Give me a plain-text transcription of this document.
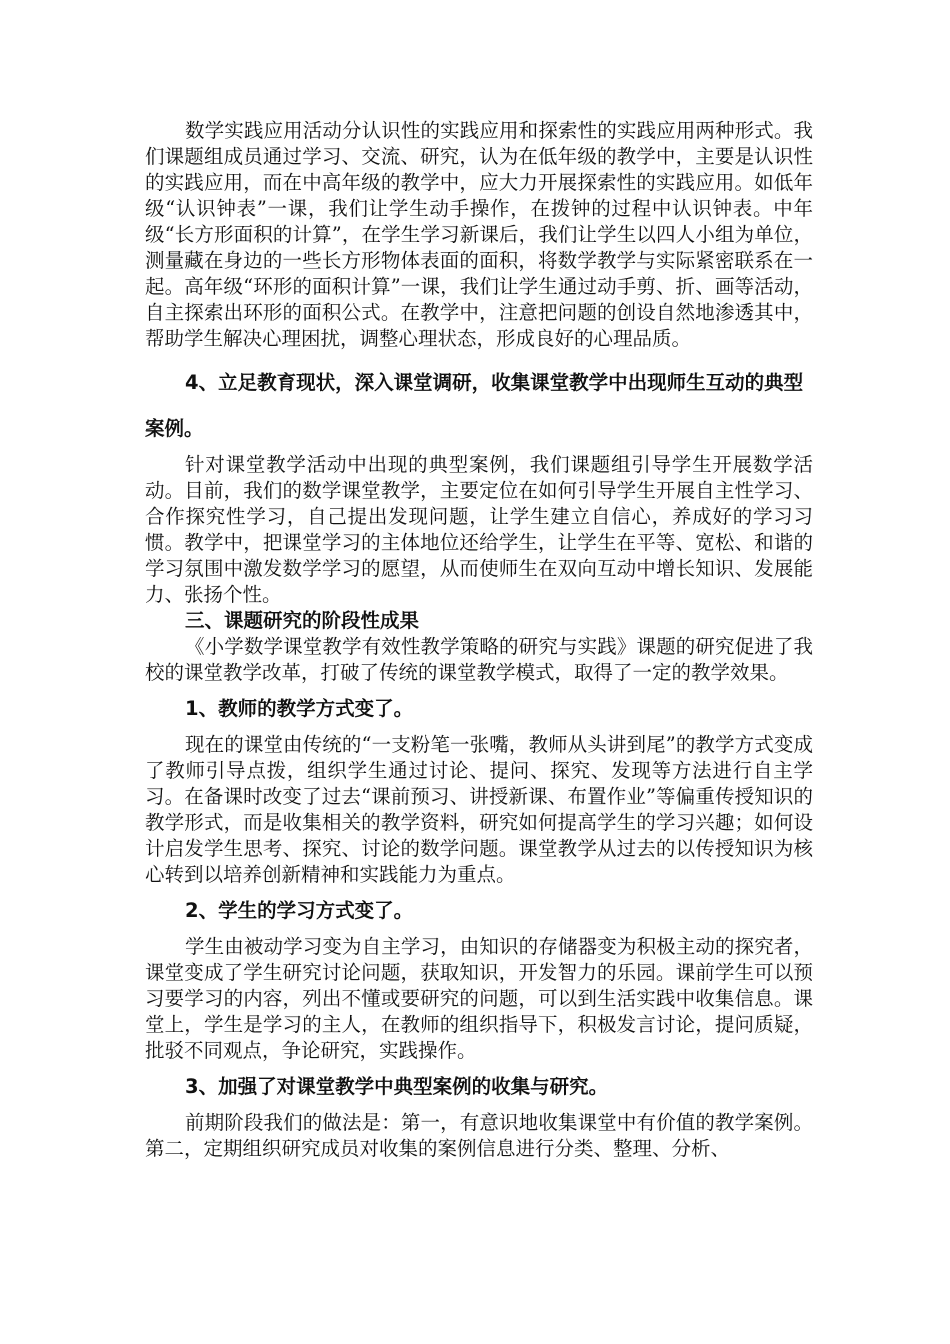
数学实践应用活动分认识性的实践应用和探索性的实践应用两种形式。我们课题组成员通过学习、交流、研究，认为在低年级的教学中，主要是认识性的实践应用，而在中高年级的教学中，应大力开展探索性的实践应用。如低年级“认识钟表”一课，我们让学生动手操作，在拨钟的过程中认识钟表。中年级“长方形面积的计算”，在学生学习新课后，我们让学生以四人小组为单位，测量藏在身边的一些长方形物体表面的面积，将数学教学与实际紧密联系在一起。高年级“环形的面积计算”一课，我们让学生通过动手剪、折、画等活动，自主探索出环形的面积公式。在教学中，注意把问题的创设自然地渗透其中，帮助学生解决心理困扰，调整心理状态，形成良好的心理品质。

4、立足教育现状，深入课堂调研，收集课堂教学中出现师生互动的典型案例。

针对课堂教学活动中出现的典型案例，我们课题组引导学生开展数学活动。目前，我们的数学课堂教学，主要定位在如何引导学生开展自主性学习、合作探究性学习，自己提出发现问题，让学生建立自信心，养成好的学习习惯。教学中，把课堂学习的主体地位还给学生，让学生在平等、宽松、和谐的学习氛围中激发数学学习的愿望，从而使师生在双向互动中增长知识、发展能力、张扬个性。

三、课题研究的阶段性成果

《小学数学课堂教学有效性教学策略的研究与实践》课题的研究促进了我校的课堂教学改革，打破了传统的课堂教学模式，取得了一定的教学效果。

1、教师的教学方式变了。

现在的课堂由传统的“一支粉笔一张嘴，教师从头讲到尾”的教学方式变成了教师引导点拨，组织学生通过讨论、提问、探究、发现等方法进行自主学习。在备课时改变了过去“课前预习、讲授新课、布置作业”等偏重传授知识的教学形式，而是收集相关的教学资料，研究如何提高学生的学习兴趣；如何设计启发学生思考、探究、讨论的数学问题。课堂教学从过去的以传授知识为核心转到以培养创新精神和实践能力为重点。

2、学生的学习方式变了。

学生由被动学习变为自主学习，由知识的存储器变为积极主动的探究者，课堂变成了学生研究讨论问题，获取知识，开发智力的乐园。课前学生可以预习要学习的内容，列出不懂或要研究的问题，可以到生活实践中收集信息。课堂上，学生是学习的主人，在教师的组织指导下，积极发言讨论，提问质疑，批驳不同观点，争论研究，实践操作。

3、加强了对课堂教学中典型案例的收集与研究。

前期阶段我们的做法是：第一，有意识地收集课堂中有价值的教学案例。第二，定期组织研究成员对收集的案例信息进行分类、整理、分析、
